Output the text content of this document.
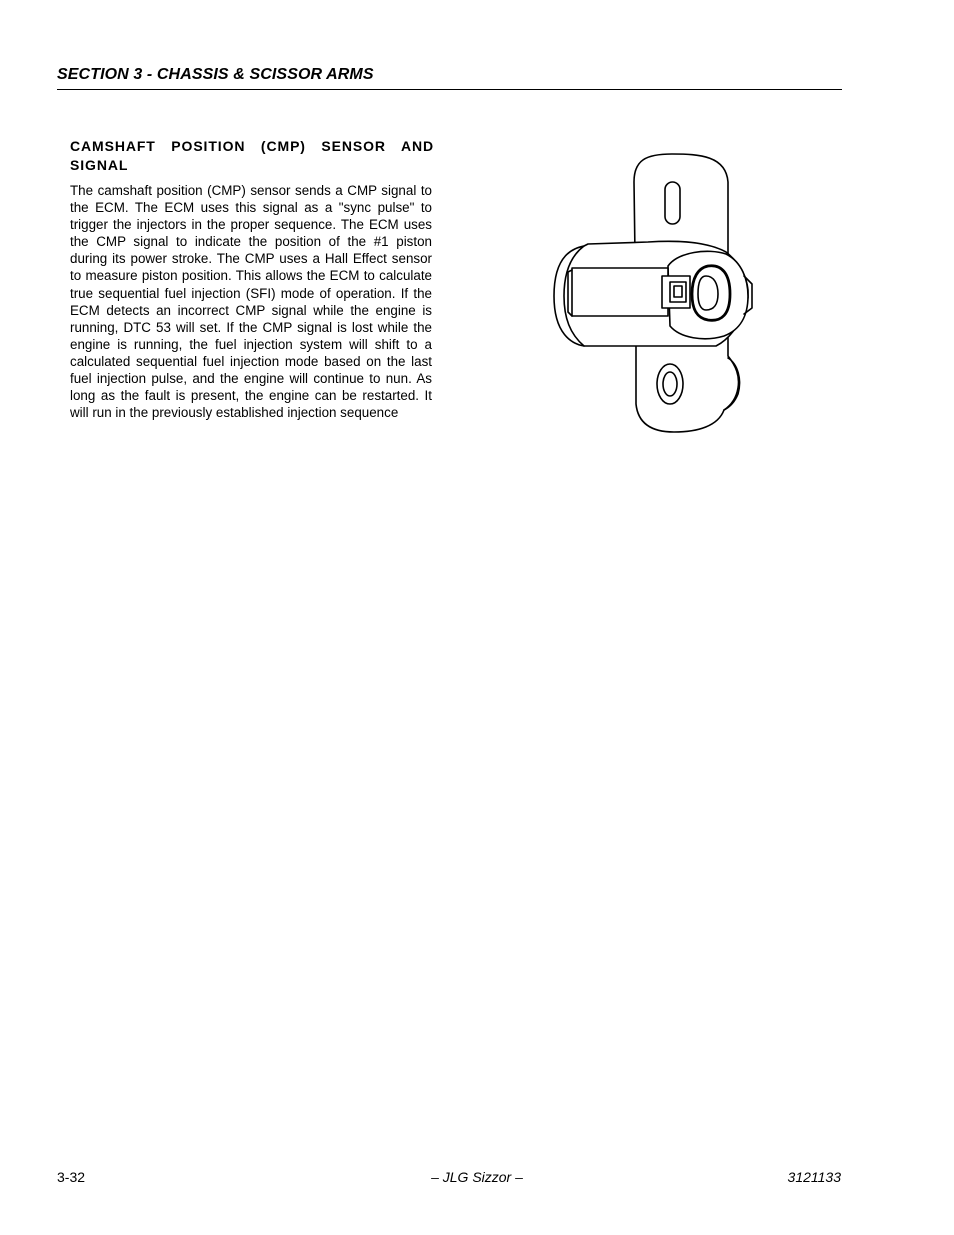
SECTION 3 - CHASSIS & SCISSOR ARMS
CAMSHAFT POSITION (CMP) SENSOR AND SIGNAL
The camshaft position (CMP) sensor sends a CMP signal to the ECM. The ECM uses this signal as a "sync pulse" to trigger the injectors in the proper sequence. The ECM uses the CMP signal to indicate the position of the #1 piston during its power stroke. The CMP uses a Hall Effect sensor to measure piston position. This allows the ECM to calculate true sequential fuel injection (SFI) mode of operation. If the ECM detects an incorrect CMP signal while the engine is running, DTC 53 will set. If the CMP signal is lost while the engine is running, the fuel injection system will shift to a calculated sequential fuel injection mode based on the last fuel injection pulse, and the engine will continue to nun. As long as the fault is present, the engine can be restarted. It will run in the previously established injection sequence
3-32	– JLG Sizzor –	3121133
